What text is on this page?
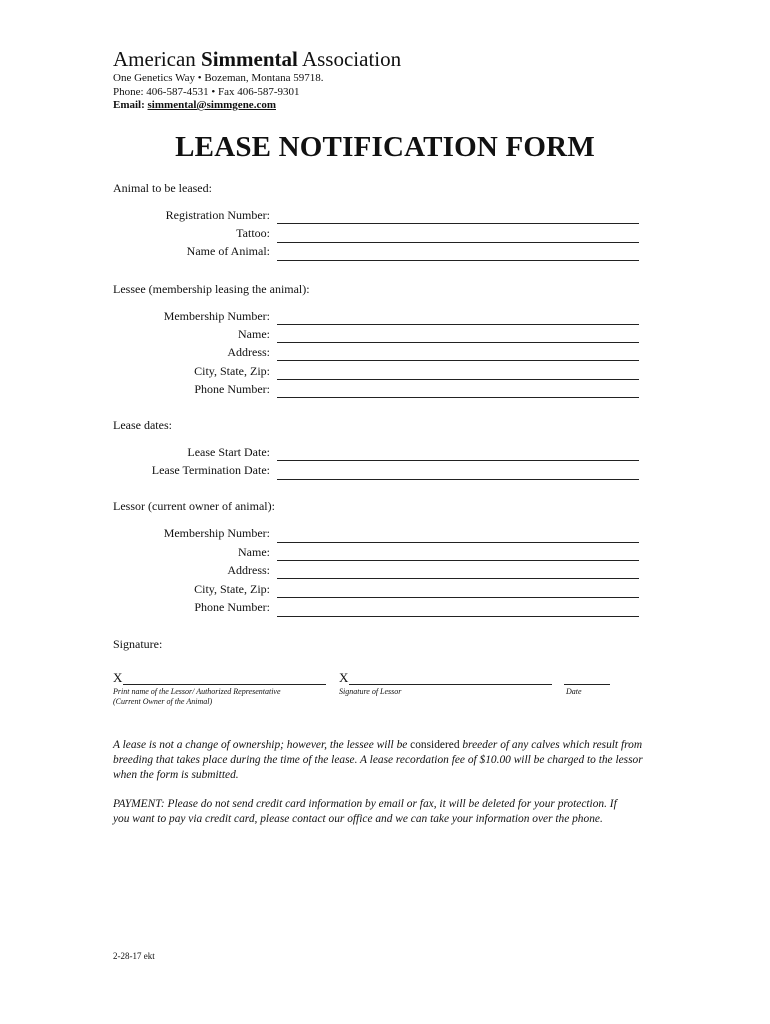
American Simmental Association
One Genetics Way • Bozeman, Montana 59718.
Phone: 406-587-4531 • Fax 406-587-9301
Email: simmental@simmgene.com
LEASE NOTIFICATION FORM
Animal to be leased:
Registration Number:
Tattoo:
Name of Animal:
Lessee (membership leasing the animal):
Membership Number:
Name:
Address:
City, State, Zip:
Phone Number:
Lease dates:
Lease Start Date:
Lease Termination Date:
Lessor (current owner of animal):
Membership Number:
Name:
Address:
City, State, Zip:
Phone Number:
Signature:
X
Print name of the Lessor/ Authorized Representative
(Current Owner of the Animal)
X
Signature of Lessor	Date
A lease is not a change of ownership; however, the lessee will be considered breeder of any calves which result from breeding that takes place during the time of the lease. A lease recordation fee of $10.00 will be charged to the lessor when the form is submitted.
PAYMENT: Please do not send credit card information by email or fax, it will be deleted for your protection. If you want to pay via credit card, please contact our office and we can take your information over the phone.
2-28-17 ekt
